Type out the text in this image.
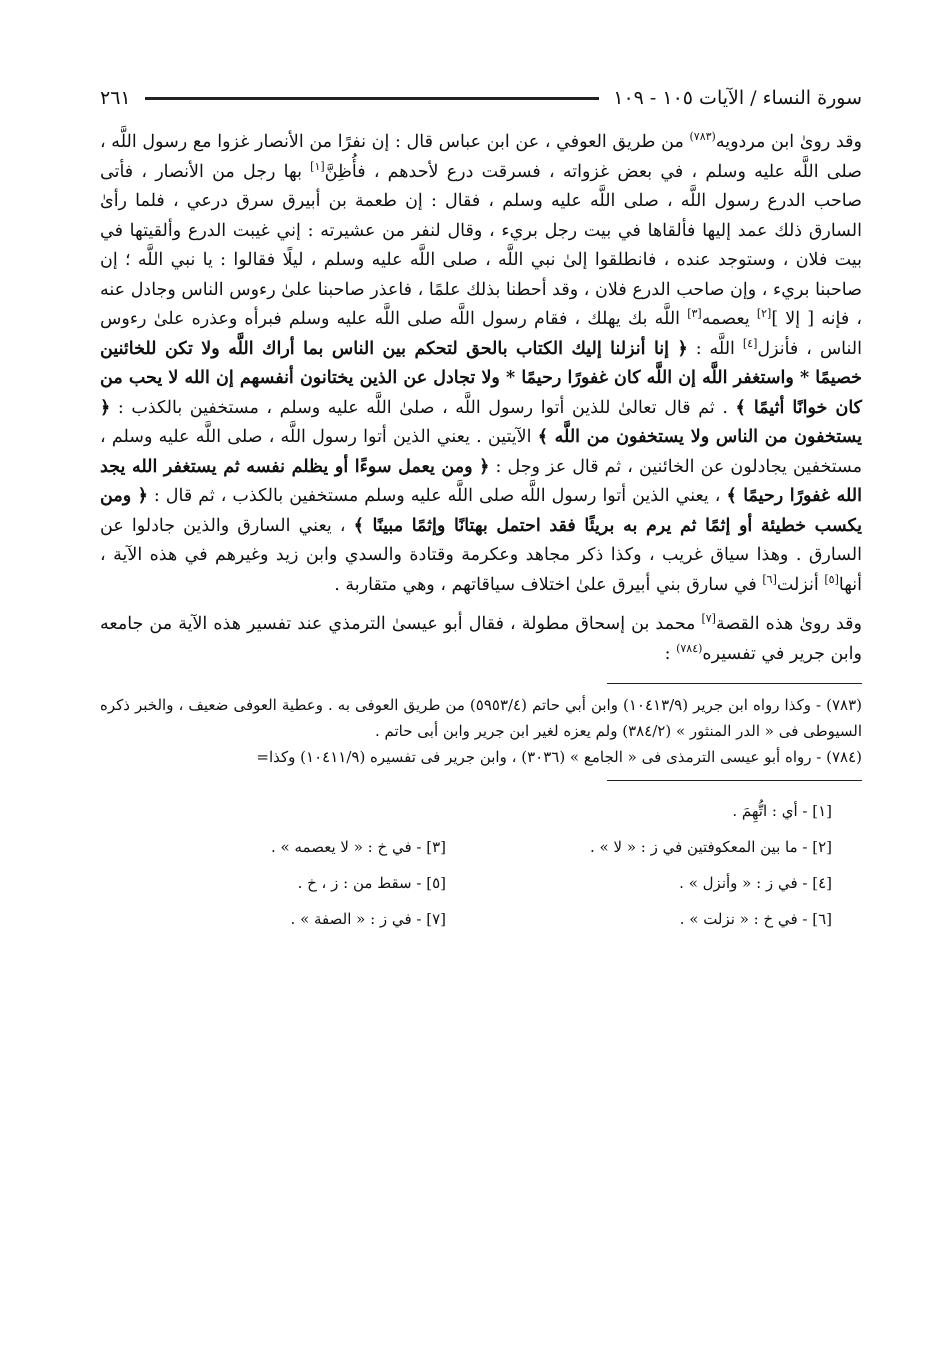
سورة النساء / الآيات ١٠٥ - ١٠٩
٢٦١

وقد روىٰ ابن مردويه$^{(٧٨٣)}$ من طريق العوفي ، عن ابن عباس قال : إن نفرًا من الأنصار غزوا مع رسول اللَّه ، صلى اللَّه عليه وسلم ، في بعض غزواته ، فسرقت درع لأحدهم ، فأُظِنَّ[١] بها رجل من الأنصار ، فأتى صاحب الدرع رسول اللَّه ، صلى اللَّه عليه وسلم ، فقال : إن طعمة بن أبيرق سرق درعي ، فلما رأىٰ السارق ذلك عمد إليها فألقاها في بيت رجل بريء ، وقال لنفر من عشيرته : إني غيبت الدرع وألقيتها في بيت فلان ، وستوجد عنده ، فانطلقوا إلىٰ نبي اللَّه ، صلى اللَّه عليه وسلم ، ليلًا فقالوا : يا نبي اللَّه ؛ إن صاحبنا بريء ، وإن صاحب الدرع فلان ، وقد أحطنا بذلك علمًا ، فاعذر صاحبنا علىٰ رءوس الناس وجادل عنه ، فإنه [ إلا ][٢] يعصمه[٣] اللَّه بك يهلك ، فقام رسول اللَّه صلى اللَّه عليه وسلم فبرأه وعذره علىٰ رءوس الناس ، فأنزل[٤] اللَّه : ﴿ إنا أنزلنا إليك الكتاب بالحق لتحكم بين الناس بما أراك اللَّه ولا تكن للخائنين خصيمًا * واستغفر اللَّه إن اللَّه كان غفورًا رحيمًا * ولا تجادل عن الذين يختانون أنفسهم إن الله لا يحب من كان خوانًا أثيمًا ﴾ . ثم قال تعالىٰ للذين أتوا رسول اللَّه ، صلىٰ اللَّه عليه وسلم ، مستخفين بالكذب : ﴿ يستخفون من الناس ولا يستخفون من اللَّه ﴾ الآيتين . يعني الذين أتوا رسول اللَّه ، صلى اللَّه عليه وسلم ، مستخفين يجادلون عن الخائنين ، ثم قال عز وجل : ﴿ ومن يعمل سوءًا أو يظلم نفسه ثم يستغفر الله يجد الله غفورًا رحيمًا ﴾ ، يعني الذين أتوا رسول اللَّه صلى اللَّه عليه وسلم مستخفين بالكذب ، ثم قال : ﴿ ومن يكسب خطيئة أو إثمًا ثم يرم به بريئًا فقد احتمل بهتانًا وإثمًا مبينًا ﴾ ، يعني السارق والذين جادلوا عن السارق . وهذا سياق غريب ، وكذا ذكر مجاهد وعكرمة وقتادة والسدي وابن زيد وغيرهم في هذه الآية ، أنها[٥] أنزلت[٦] في سارق بني أبيرق علىٰ اختلاف سياقاتهم ، وهي متقاربة .

وقد روىٰ هذه القصة[٧] محمد بن إسحاق مطولة ، فقال أبو عيسىٰ الترمذي عند تفسير هذه الآية من جامعه وابن جرير في تفسيره$^{(٧٨٤)}$ :

(٧٨٣) - وكذا رواه ابن جرير (١٠٤١٣/٩) وابن أبي حاتم (٥٩٥٣/٤) من طريق العوفى به . وعطية العوفى ضعيف ، والخبر ذكره السيوطى فى « الدر المنثور » (٣٨٤/٢) ولم يعزه لغير ابن جرير وابن أبى حاتم .

(٧٨٤) - رواه أبو عيسى الترمذى فى « الجامع » (٣٠٣٦) ، وابن جرير فى تفسيره (١٠٤١١/٩) وكذا=

[١] - أي : اتُّهِمَ .
[٢] - ما بين المعكوفتين في ز : « لا » .
[٣] - في خ : « لا يعصمه » .
[٤] - في ز : « وأنزل » .
[٥] - سقط من : ز ، خ .
[٦] - في خ : « نزلت » .
[٧] - في ز : « الصفة » .
